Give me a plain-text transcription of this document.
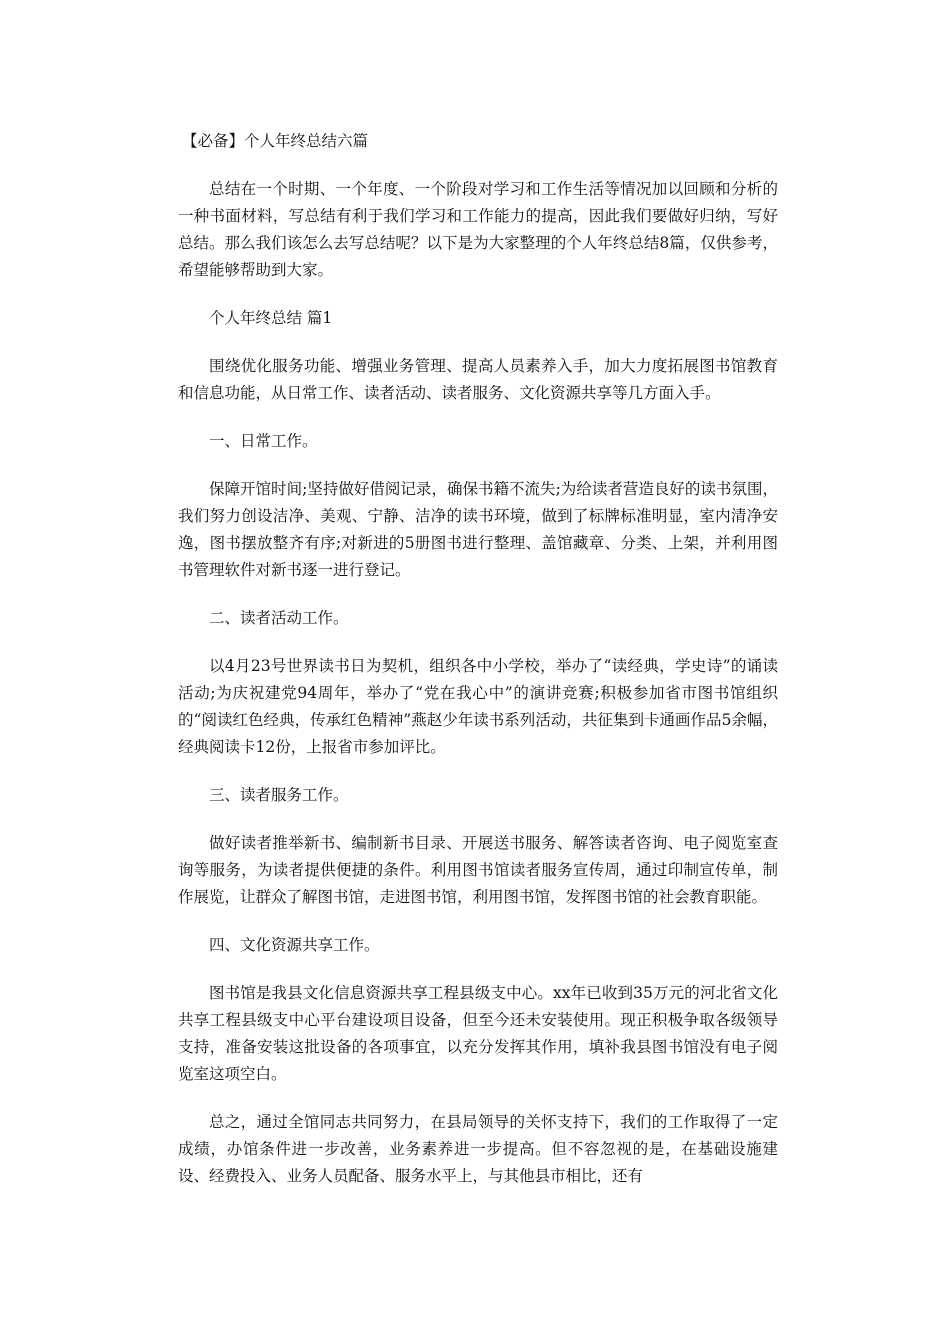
【必备】个人年终总结六篇

总结在一个时期、一个年度、一个阶段对学习和工作生活等情况加以回顾和分析的一种书面材料，写总结有利于我们学习和工作能力的提高，因此我们要做好归纳，写好总结。那么我们该怎么去写总结呢？以下是为大家整理的个人年终总结8篇，仅供参考，希望能够帮助到大家。

个人年终总结 篇1

围绕优化服务功能、增强业务管理、提高人员素养入手，加大力度拓展图书馆教育和信息功能，从日常工作、读者活动、读者服务、文化资源共享等几方面入手。

一、日常工作。

保障开馆时间;坚持做好借阅记录，确保书籍不流失;为给读者营造良好的读书氛围，我们努力创设洁净、美观、宁静、洁净的读书环境，做到了标牌标准明显，室内清净安逸，图书摆放整齐有序;对新进的5册图书进行整理、盖馆藏章、分类、上架，并利用图书管理软件对新书逐一进行登记。

二、读者活动工作。

以4月23号世界读书日为契机，组织各中小学校，举办了“读经典，学史诗”的诵读活动;为庆祝建党94周年，举办了“党在我心中”的演讲竞赛;积极参加省市图书馆组织的“阅读红色经典，传承红色精神”燕赵少年读书系列活动，共征集到卡通画作品5余幅，经典阅读卡12份，上报省市参加评比。

三、读者服务工作。

做好读者推举新书、编制新书目录、开展送书服务、解答读者咨询、电子阅览室查询等服务，为读者提供便捷的条件。利用图书馆读者服务宣传周，通过印制宣传单，制作展览，让群众了解图书馆，走进图书馆，利用图书馆，发挥图书馆的社会教育职能。

四、文化资源共享工作。

图书馆是我县文化信息资源共享工程县级支中心。xx年已收到35万元的河北省文化共享工程县级支中心平台建设项目设备，但至今还未安装使用。现正积极争取各级领导支持，准备安装这批设备的各项事宜，以充分发挥其作用，填补我县图书馆没有电子阅览室这项空白。

总之，通过全馆同志共同努力，在县局领导的关怀支持下，我们的工作取得了一定成绩，办馆条件进一步改善，业务素养进一步提高。但不容忽视的是，在基础设施建设、经费投入、业务人员配备、服务水平上，与其他县市相比，还有
